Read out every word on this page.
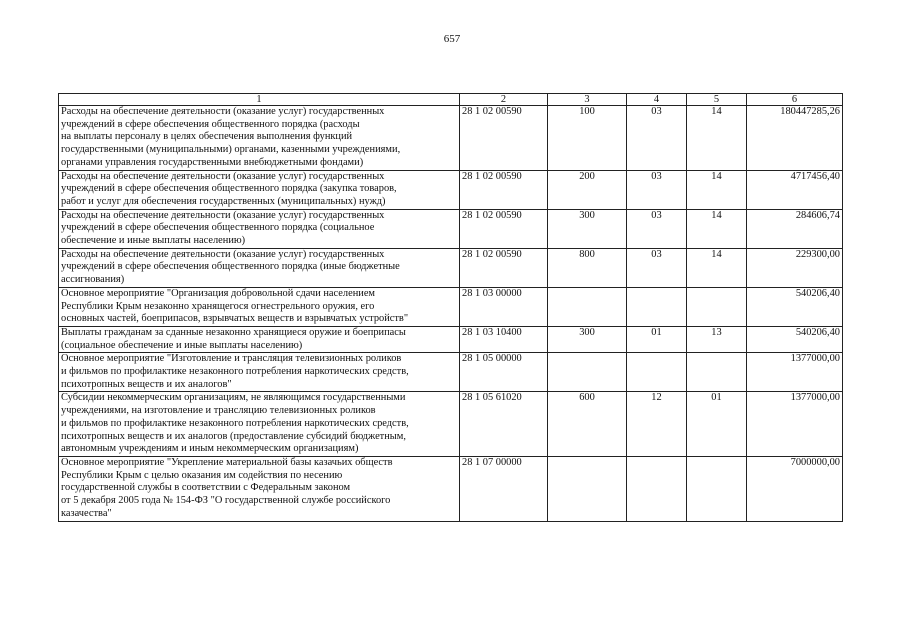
657
1	2	3	4	5	6
Расходы на обеспечение деятельности (оказание услуг) государственных
учреждений в сфере обеспечения общественного порядка (расходы
на выплаты персоналу в целях обеспечения выполнения функций
государственными (муниципальными) органами, казенными учреждениями,
органами управления государственными внебюджетными фондами)	28 1 02 00590	100	03	14	180447285,26
Расходы на обеспечение деятельности (оказание услуг) государственных
учреждений в сфере обеспечения общественного порядка (закупка товаров,
работ и услуг для обеспечения государственных (муниципальных) нужд)	28 1 02 00590	200	03	14	4717456,40
Расходы на обеспечение деятельности (оказание услуг) государственных
учреждений в сфере обеспечения общественного порядка (социальное
обеспечение и иные выплаты населению)	28 1 02 00590	300	03	14	284606,74
Расходы на обеспечение деятельности (оказание услуг) государственных
учреждений в сфере обеспечения общественного порядка (иные бюджетные
ассигнования)	28 1 02 00590	800	03	14	229300,00
Основное мероприятие "Организация добровольной сдачи населением
Республики Крым незаконно хранящегося огнестрельного оружия, его
основных частей, боеприпасов, взрывчатых веществ и взрывчатых устройств"	28 1 03 00000				540206,40
Выплаты гражданам за сданные незаконно хранящиеся оружие и боеприпасы
(социальное обеспечение и иные выплаты населению)	28 1 03 10400	300	01	13	540206,40
Основное мероприятие "Изготовление и трансляция телевизионных роликов
и фильмов по профилактике незаконного потребления наркотических средств,
психотропных веществ и их аналогов"	28 1 05 00000				1377000,00
Субсидии некоммерческим организациям, не являющимся государственными
учреждениями, на изготовление и трансляцию телевизионных роликов
и фильмов по профилактике незаконного потребления наркотических средств,
психотропных веществ и их аналогов (предоставление субсидий бюджетным,
автономным учреждениям и иным некоммерческим организациям)	28 1 05 61020	600	12	01	1377000,00
Основное мероприятие "Укрепление материальной базы казачьих обществ
Республики Крым с целью оказания им содействия по несению
государственной службы в соответствии с Федеральным законом
от 5 декабря 2005 года № 154-ФЗ "О государственной службе российского
казачества"	28 1 07 00000				7000000,00
